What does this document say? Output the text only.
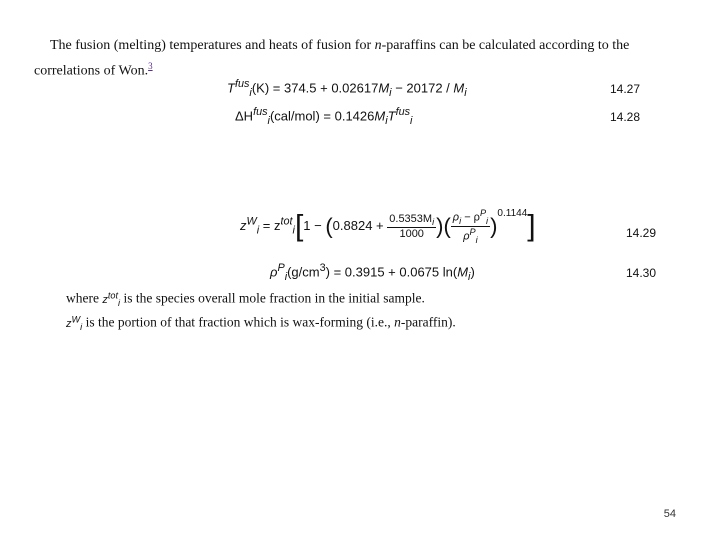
The fusion (melting) temperatures and heats of fusion for n-paraffins can be calculated according to the correlations of Won.$^3$
$T^{fus}_i(K) = 374.5 + 0.02617M_i - 20172 / M_i$	14.27
$\Delta H^{fus}_i(cal/mol) = 0.1426M_iT^{fus}_i$	14.28
$z^W_i = z^{tot}_i[1 - (0.8824 + \frac{0.5353M_i}{1000}$ )( $\frac{\rho_i - \rho^P_i}{\rho^P_i} )^{0.1144}$]	14.29
$\rho^P_i(g/cm^3) = 0.3915 + 0.0675$ $\ln(M_i)$	14.30
where $z^{tot}_i$ is the species overall mole fraction in the initial sample.
$z^W_i$ is the portion of that fraction which is wax-forming (i.e., n-paraffin).
54
